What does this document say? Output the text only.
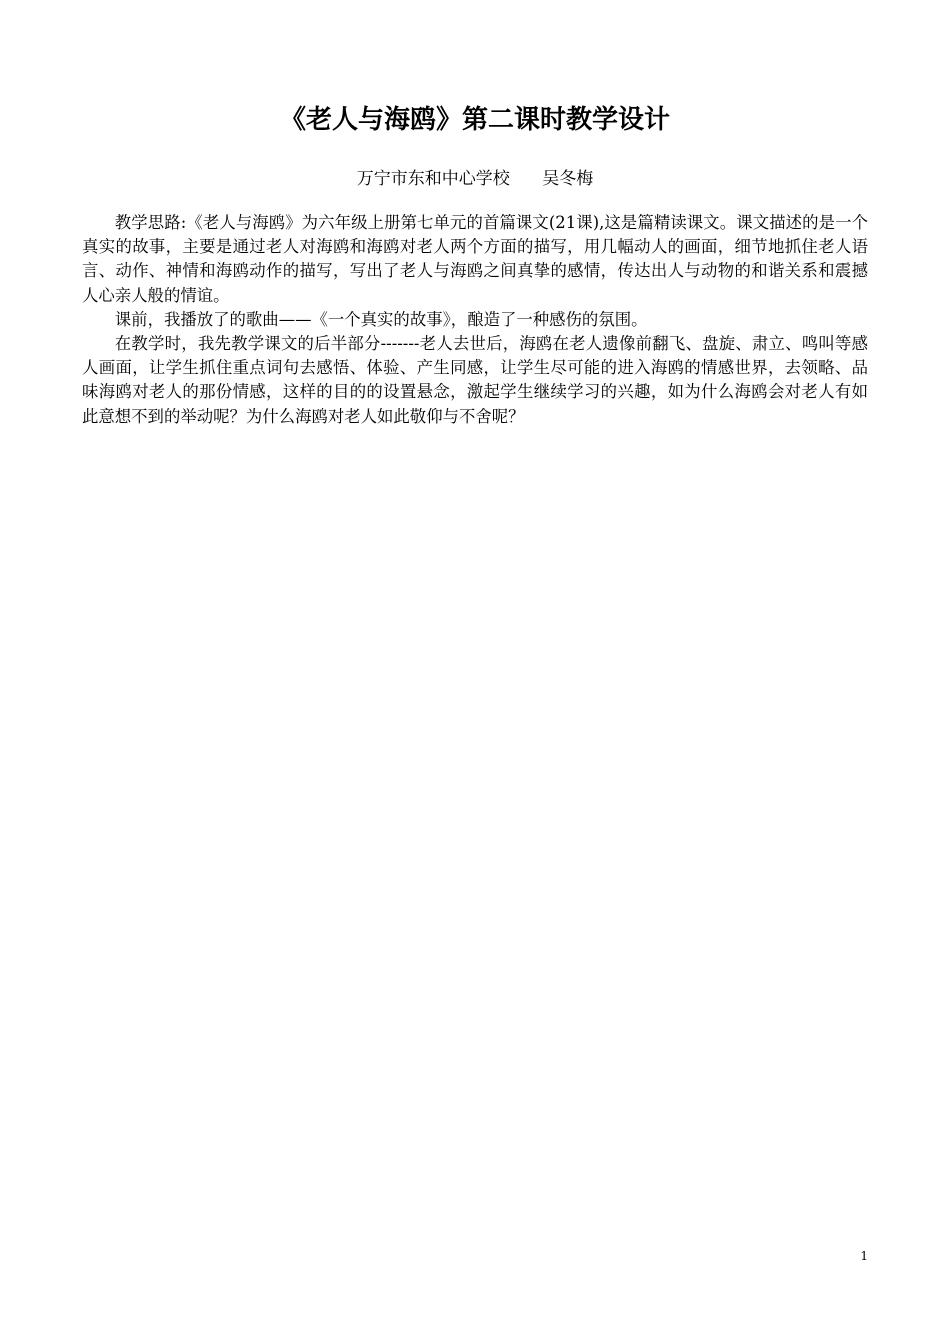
《老人与海鸥》第二课时教学设计

万宁市东和中心学校      吴冬梅

教学思路:《老人与海鸥》为六年级上册第七单元的首篇课文(21课),这是篇精读课文。课文描述的是一个真实的故事，主要是通过老人对海鸥和海鸥对老人两个方面的描写，用几幅动人的画面，细节地抓住老人语言、动作、神情和海鸥动作的描写，写出了老人与海鸥之间真挚的感情，传达出人与动物的和谐关系和震撼人心亲人般的情谊。

课前，我播放了的歌曲——《一个真实的故事》，酿造了一种感伤的氛围。

在教学时，我先教学课文的后半部分-------老人去世后，海鸥在老人遗像前翻飞、盘旋、肃立、鸣叫等感人画面，让学生抓住重点词句去感悟、体验、产生同感，让学生尽可能的进入海鸥的情感世界，去领略、品味海鸥对老人的那份情感，这样的目的的设置悬念，激起学生继续学习的兴趣，如为什么海鸥会对老人有如此意想不到的举动呢？为什么海鸥对老人如此敬仰与不舍呢？

1
